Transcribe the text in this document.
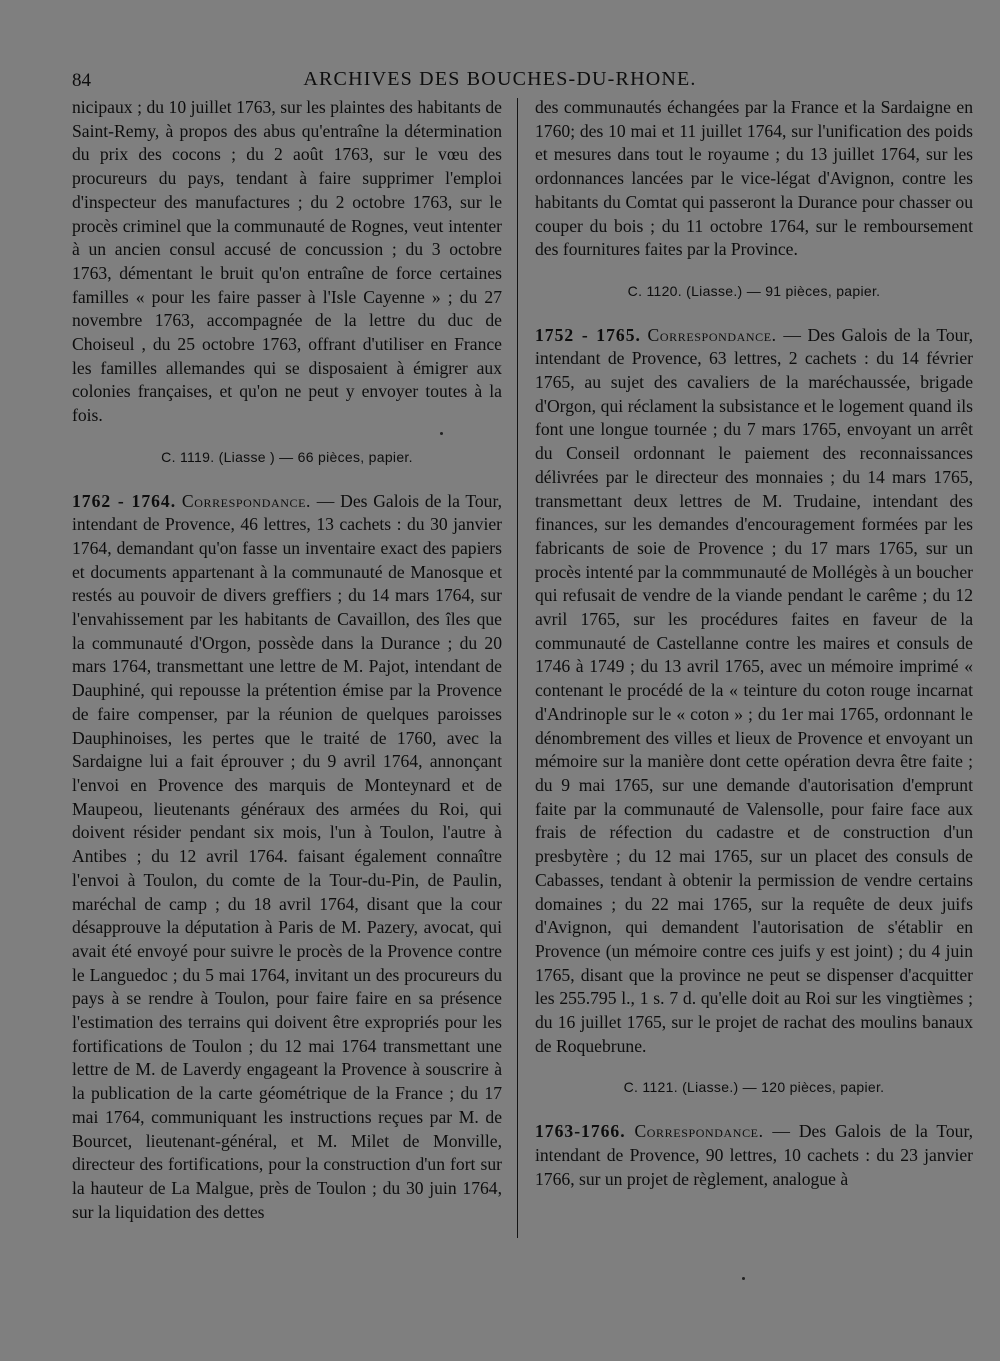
84	ARCHIVES DES BOUCHES-DU-RHONE.

nicipaux ; du 10 juillet 1763, sur les plaintes des habitants de Saint-Remy, à propos des abus qu'entraîne la détermination du prix des cocons ; du 2 août 1763, sur le vœu des procureurs du pays, tendant à faire supprimer l'emploi d'inspecteur des manufactures ; du 2 octobre 1763, sur le procès criminel que la communauté de Rognes, veut intenter à un ancien consul accusé de concussion ; du 3 octobre 1763, démentant le bruit qu'on entraîne de force certaines familles « pour les faire passer à l'Isle Cayenne » ; du 27 novembre 1763, accompagnée de la lettre du duc de Choiseul , du 25 octobre 1763, offrant d'utiliser en France les familles allemandes qui se disposaient à émigrer aux colonies françaises, et qu'on ne peut y envoyer toutes à la fois.

C. 1119. (Liasse ) — 66 pièces, papier.

1762 - 1764. Correspondance. — Des Galois de la Tour, intendant de Provence, 46 lettres, 13 cachets : du 30 janvier 1764, demandant qu'on fasse un inventaire exact des papiers et documents appartenant à la communauté de Manosque et restés au pouvoir de divers greffiers ; du 14 mars 1764, sur l'envahissement par les habitants de Cavaillon, des îles que la communauté d'Orgon, possède dans la Durance ; du 20 mars 1764, transmettant une lettre de M. Pajot, intendant de Dauphiné, qui repousse la prétention émise par la Provence de faire compenser, par la réunion de quelques paroisses Dauphinoises, les pertes que le traité de 1760, avec la Sardaigne lui a fait éprouver ; du 9 avril 1764, annonçant l'envoi en Provence des marquis de Monteynard et de Maupeou, lieutenants généraux des armées du Roi, qui doivent résider pendant six mois, l'un à Toulon, l'autre à Antibes ; du 12 avril 1764. faisant également connaître l'envoi à Toulon, du comte de la Tour-du-Pin, de Paulin, maréchal de camp ; du 18 avril 1764, disant que la cour désapprouve la députation à Paris de M. Pazery, avocat, qui avait été envoyé pour suivre le procès de la Provence contre le Languedoc ; du 5 mai 1764, invitant un des procureurs du pays à se rendre à Toulon, pour faire faire en sa présence l'estimation des terrains qui doivent être expropriés pour les fortifications de Toulon ; du 12 mai 1764 transmettant une lettre de M. de Laverdy engageant la Provence à souscrire à la publication de la carte géométrique de la France ; du 17 mai 1764, communiquant les instructions reçues par M. de Bourcet, lieutenant-général, et M. Milet de Monville, directeur des fortifications, pour la construction d'un fort sur la hauteur de La Malgue, près de Toulon ; du 30 juin 1764, sur la liquidation des dettes

des communautés échangées par la France et la Sardaigne en 1760; des 10 mai et 11 juillet 1764, sur l'unification des poids et mesures dans tout le royaume ; du 13 juillet 1764, sur les ordonnances lancées par le vice-légat d'Avignon, contre les habitants du Comtat qui passeront la Durance pour chasser ou couper du bois ; du 11 octobre 1764, sur le remboursement des fournitures faites par la Province.

C. 1120. (Liasse.) — 91 pièces, papier.

1752 - 1765. Correspondance. — Des Galois de la Tour, intendant de Provence, 63 lettres, 2 cachets : du 14 février 1765, au sujet des cavaliers de la maréchaussée, brigade d'Orgon, qui réclament la subsistance et le logement quand ils font une longue tournée ; du 7 mars 1765, envoyant un arrêt du Conseil ordonnant le paiement des reconnaissances délivrées par le directeur des monnaies ; du 14 mars 1765, transmettant deux lettres de M. Trudaine, intendant des finances, sur les demandes d'encouragement formées par les fabricants de soie de Provence ; du 17 mars 1765, sur un procès intenté par la commmunauté de Mollégès à un boucher qui refusait de vendre de la viande pendant le carême ; du 12 avril 1765, sur les procédures faites en faveur de la communauté de Castellanne contre les maires et consuls de 1746 à 1749 ; du 13 avril 1765, avec un mémoire imprimé « contenant le procédé de la « teinture du coton rouge incarnat d'Andrinople sur le « coton » ; du 1er mai 1765, ordonnant le dénombrement des villes et lieux de Provence et envoyant un mémoire sur la manière dont cette opération devra être faite ; du 9 mai 1765, sur une demande d'autorisation d'emprunt faite par la communauté de Valensolle, pour faire face aux frais de réfection du cadastre et de construction d'un presbytère ; du 12 mai 1765, sur un placet des consuls de Cabasses, tendant à obtenir la permission de vendre certains domaines ; du 22 mai 1765, sur la requête de deux juifs d'Avignon, qui demandent l'autorisation de s'établir en Provence (un mémoire contre ces juifs y est joint) ; du 4 juin 1765, disant que la province ne peut se dispenser d'acquitter les 255.795 l., 1 s. 7 d. qu'elle doit au Roi sur les vingtièmes ; du 16 juillet 1765, sur le projet de rachat des moulins banaux de Roquebrune.

C. 1121. (Liasse.) — 120 pièces, papier.

1763-1766. Correspondance. — Des Galois de la Tour, intendant de Provence, 90 lettres, 10 cachets : du 23 janvier 1766, sur un projet de règlement, analogue à
